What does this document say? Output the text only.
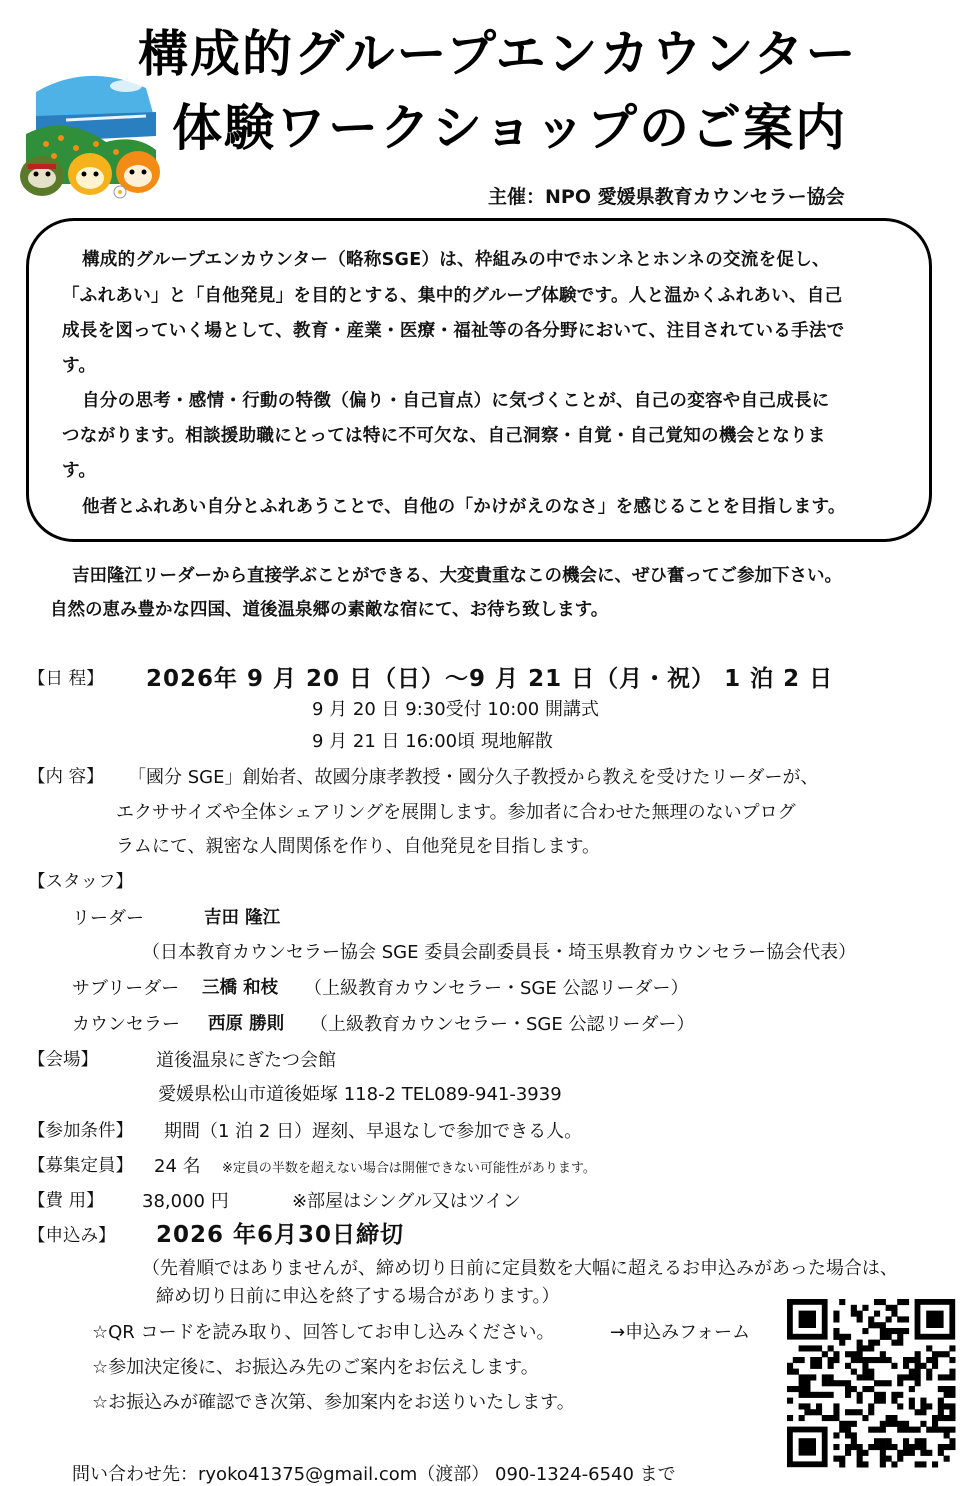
構成的グループエンカウンター
体験ワークショップのご案内
主催：NPO 愛媛県教育カウンセラー協会
構成的グループエンカウンター（略称SGE）は、枠組みの中でホンネとホンネの交流を促し、
「ふれあい」と「自他発見」を目的とする、集中的グループ体験です。人と温かくふれあい、自己
成長を図っていく場として、教育・産業・医療・福祉等の各分野において、注目されている手法で
す。
自分の思考・感情・行動の特徴（偏り・自己盲点）に気づくことが、自己の変容や自己成長に
つながります。相談援助職にとっては特に不可欠な、自己洞察・自覚・自己覚知の機会となりま
す。
他者とふれあい自分とふれあうことで、自他の「かけがえのなさ」を感じることを目指します。
吉田隆江リーダーから直接学ぶことができる、大変貴重なこの機会に、ぜひ奮ってご参加下さい。
自然の恵み豊かな四国、道後温泉郷の素敵な宿にて、お待ち致します。
【日 程】 2026年 9 月 20 日（日）～9 月 21 日（月・祝） 1 泊 2 日
9 月 20 日 9:30受付 10:00 開講式
9 月 21 日 16:00頃 現地解散
【内 容】 「國分 SGE」創始者、故國分康孝教授・國分久子教授から教えを受けたリーダーが、
エクササイズや全体シェアリングを展開します。参加者に合わせた無理のないプログ
ラムにて、親密な人間関係を作り、自他発見を目指します。
【スタッフ】
リーダー	吉田 隆江
（日本教育カウンセラー協会 SGE 委員会副委員長・埼玉県教育カウンセラー協会代表）
サブリーダー 三橋 和枝 （上級教育カウンセラー・SGE 公認リーダー）
カウンセラー 西原 勝則 （上級教育カウンセラー・SGE 公認リーダー）
【会場】	道後温泉にぎたつ会館
愛媛県松山市道後姫塚 118-2 TEL089-941-3939
【参加条件】 期間（1 泊 2 日）遅刻、早退なしで参加できる人。
【募集定員】 24 名 ※定員の半数を超えない場合は開催できない可能性があります。
【費 用】 38,000 円	※部屋はシングル又はツイン
【申込み】 2026 年6月30日締切
（先着順ではありませんが、締め切り日前に定員数を大幅に超えるお申込みがあった場合は、
締め切り日前に申込を終了する場合があります。）
☆QR コードを読み取り、回答してお申し込みください。	→申込みフォーム
☆参加決定後に、お振込み先のご案内をお伝えします。
☆お振込みが確認でき次第、参加案内をお送りいたします。
問い合わせ先：ryoko41375@gmail.com（渡部） 090-1324-6540 まで
